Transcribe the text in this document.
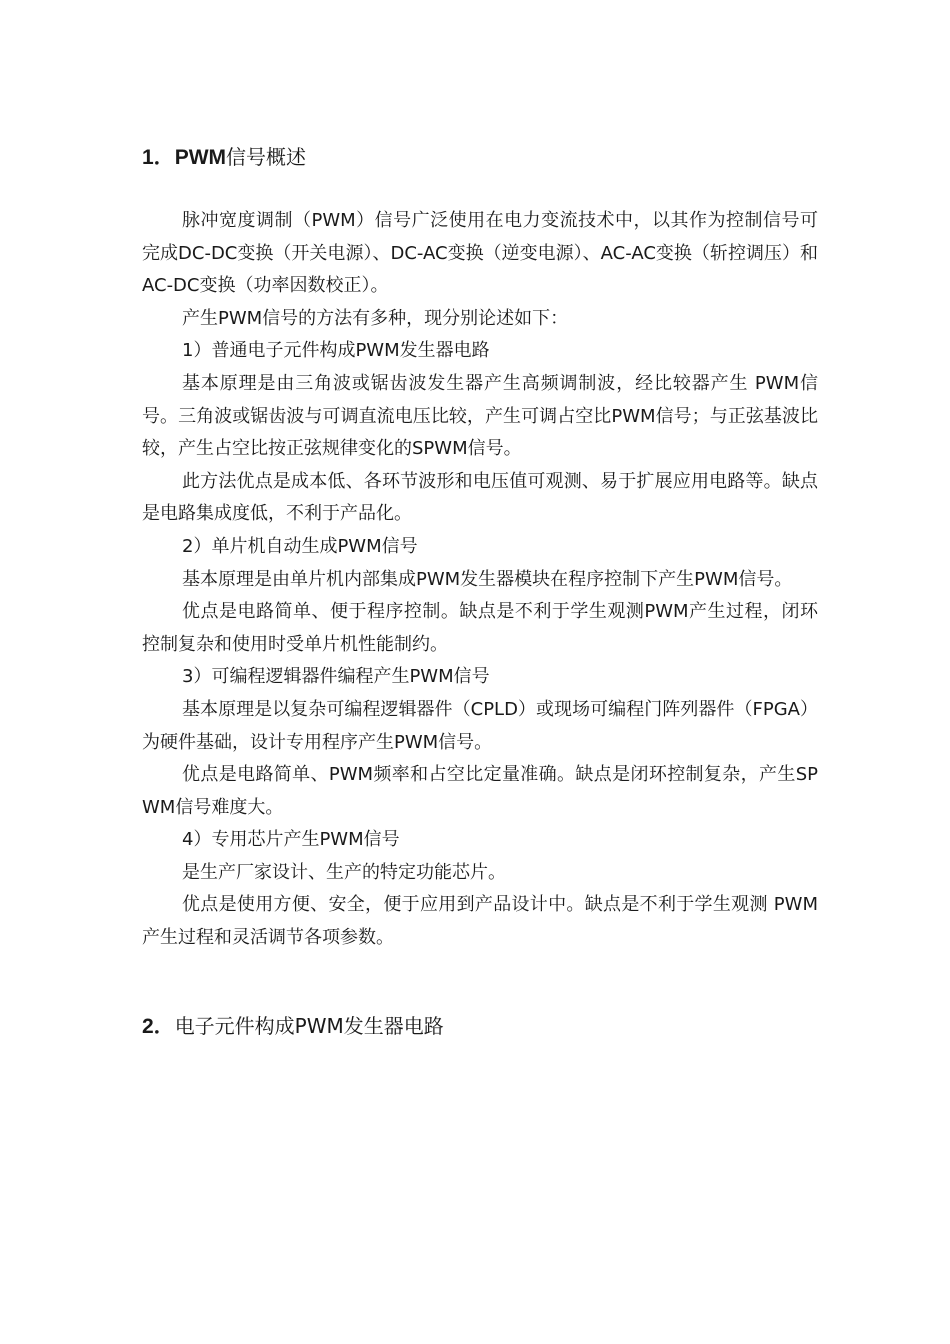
1．PWM信号概述

脉冲宽度调制（PWM）信号广泛使用在电力变流技术中，以其作为控制信号可完成DC-DC变换（开关电源）、DC-AC变换（逆变电源）、AC-AC变换（斩控调压）和AC-DC变换（功率因数校正）。

产生PWM信号的方法有多种，现分别论述如下：

1）普通电子元件构成PWM发生器电路

基本原理是由三角波或锯齿波发生器产生高频调制波，经比较器产生 PWM信号。三角波或锯齿波与可调直流电压比较，产生可调占空比PWM信号；与正弦基波比较，产生占空比按正弦规律变化的SPWM信号。

此方法优点是成本低、各环节波形和电压值可观测、易于扩展应用电路等。缺点是电路集成度低，不利于产品化。

2）单片机自动生成PWM信号

基本原理是由单片机内部集成PWM发生器模块在程序控制下产生PWM信号。

优点是电路简单、便于程序控制。缺点是不利于学生观测PWM产生过程，闭环控制复杂和使用时受单片机性能制约。

3）可编程逻辑器件编程产生PWM信号

基本原理是以复杂可编程逻辑器件（CPLD）或现场可编程门阵列器件（FPGA）为硬件基础，设计专用程序产生PWM信号。

优点是电路简单、PWM频率和占空比定量准确。缺点是闭环控制复杂，产生SPWM信号难度大。

4）专用芯片产生PWM信号

是生产厂家设计、生产的特定功能芯片。

优点是使用方便、安全，便于应用到产品设计中。缺点是不利于学生观测 PWM产生过程和灵活调节各项参数。

2．电子元件构成PWM发生器电路
